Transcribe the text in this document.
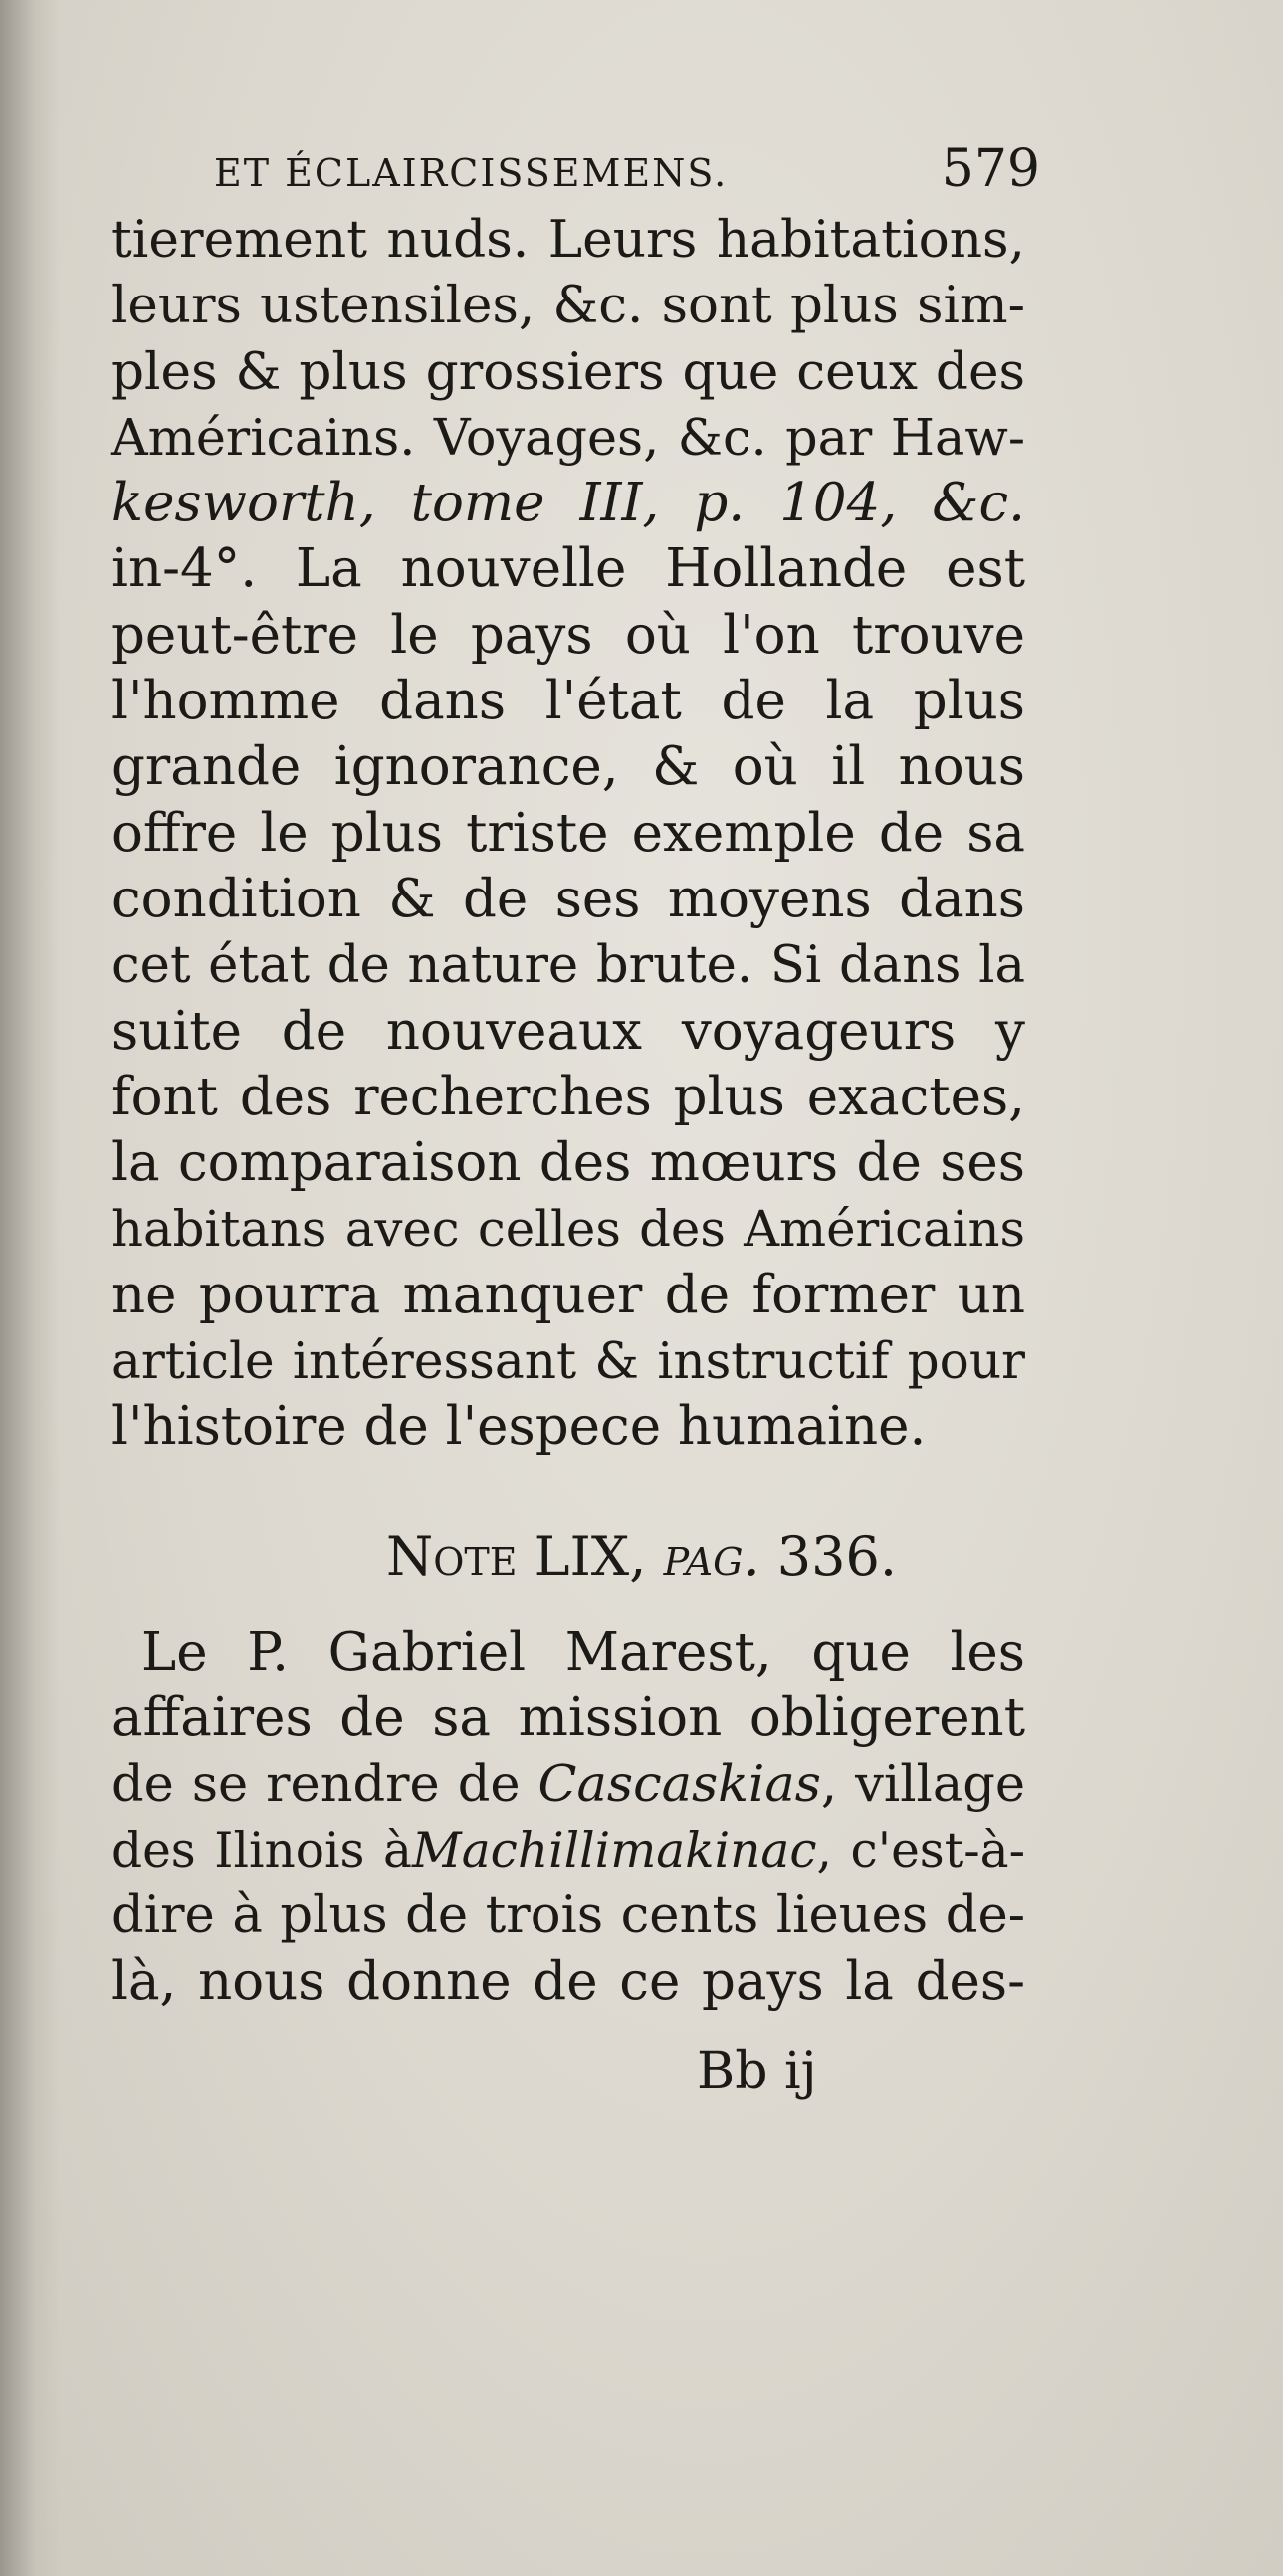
ET ÉCLAIRCISSEMENS.	579
tierement nuds. Leurs habitations,
leurs ustensiles, &c. sont plus sim-
ples & plus grossiers que ceux des
Américains. Voyages, &c. par Haw-
kesworth, tome III, p. 104, &c.
in-4°. La nouvelle Hollande est
peut-être le pays où l'on trouve
l'homme dans l'état de la plus
grande ignorance, & où il nous
offre le plus triste exemple de sa
condition & de ses moyens dans
cet état de nature brute. Si dans la
suite de nouveaux voyageurs y
font des recherches plus exactes,
la comparaison des mœurs de ses
habitans avec celles des Américains
ne pourra manquer de former un
article intéressant & instructif pour
l'histoire de l'espece humaine.
Note LIX, pag. 336.
Le P. Gabriel Marest, que les
affaires de sa mission obligerent
de se rendre de Cascaskias, village
des Ilinois àMachillimakinac, c'est-à-
dire à plus de trois cents lieues de-
là, nous donne de ce pays la des-
Bb ij
